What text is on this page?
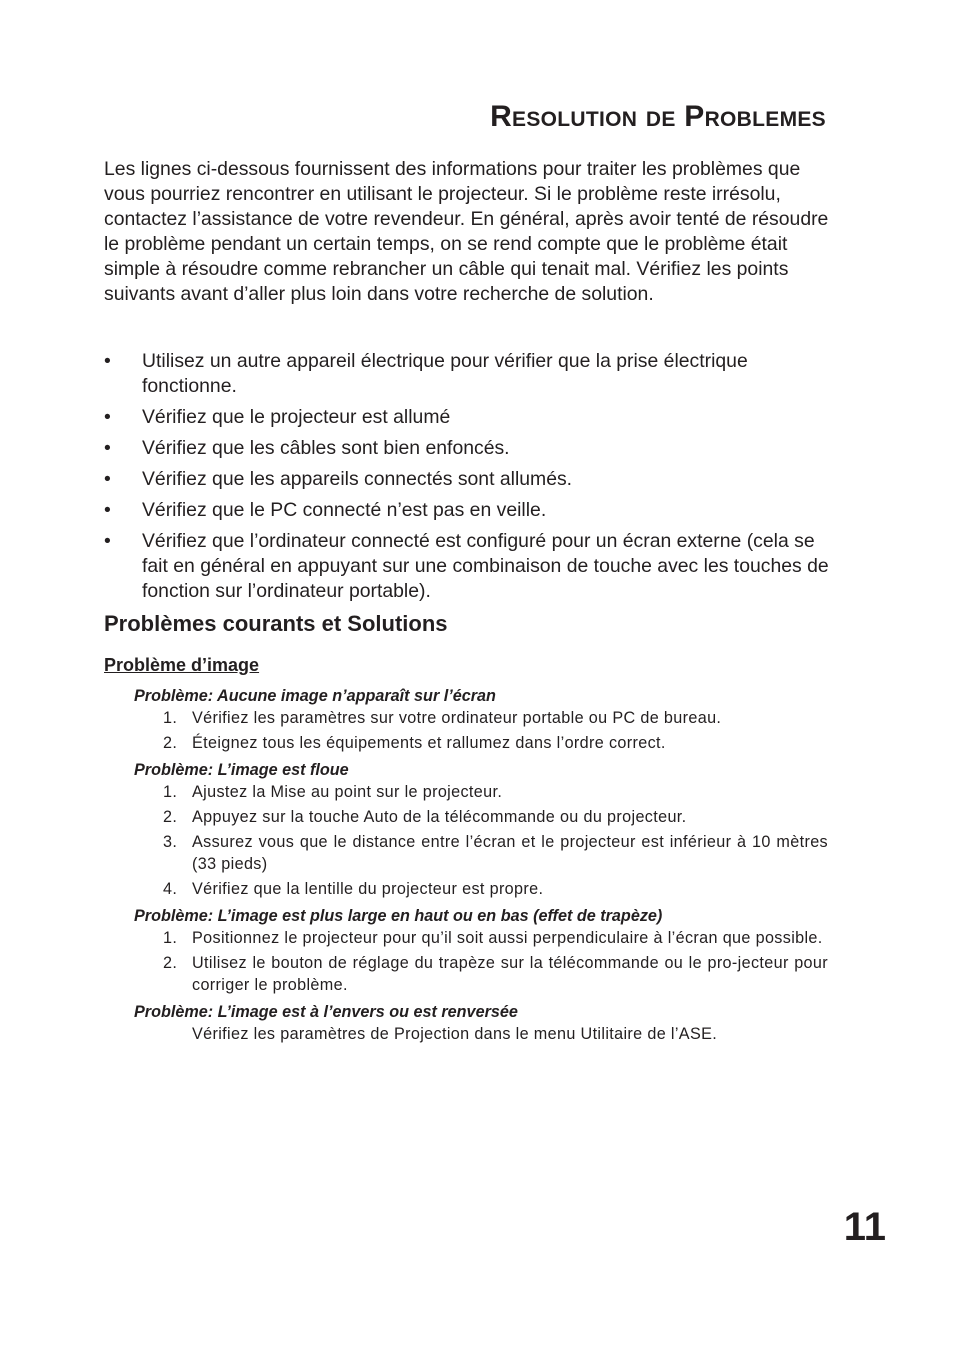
Resolution de Problemes

Les lignes ci-dessous fournissent des informations pour traiter les problèmes que vous pourriez rencontrer en utilisant le projecteur. Si le problème reste irrésolu, contactez l’assistance de votre revendeur. En général, après avoir tenté de résoudre le problème pendant un certain temps, on se rend compte que le problème était simple à résoudre comme rebrancher un câble qui tenait mal. Vérifiez les points suivants avant d’aller plus loin dans votre recherche de solution.

• Utilisez un autre appareil électrique pour vérifier que la prise électrique fonctionne.
• Vérifiez que le projecteur est allumé
• Vérifiez que les câbles sont bien enfoncés.
• Vérifiez que les appareils connectés sont allumés.
• Vérifiez que le PC connecté n’est pas en veille.
• Vérifiez que l’ordinateur connecté est configuré pour un écran externe (cela se fait en général en appuyant sur une combinaison de touche avec les touches de fonction sur l’ordinateur portable).
Problèmes courants et Solutions
Problème d’image

Problème: Aucune image n’apparaît sur l’écran

1. Vérifiez les paramètres sur votre ordinateur portable ou PC de bureau.
2. Éteignez tous les équipements et rallumez dans l’ordre correct.

Problème: L’image est floue

1. Ajustez la Mise au point sur le projecteur.
2. Appuyez sur la touche Auto de la télécommande ou du projecteur.
3. Assurez vous que le distance entre l’écran et le projecteur est inférieur à 10 mètres (33 pieds)
4. Vérifiez que la lentille du projecteur est propre.

Problème: L’image est plus large en haut ou en bas (effet de trapèze)

1. Positionnez le projecteur pour qu’il soit aussi perpendiculaire à l’écran que possible.
2. Utilisez le bouton de réglage du trapèze sur la télécommande ou le pro-jecteur pour corriger le problème.

Problème: L’image est à l’envers ou est renversée

Vérifiez les paramètres de Projection dans le menu Utilitaire de l’ASE.

11
